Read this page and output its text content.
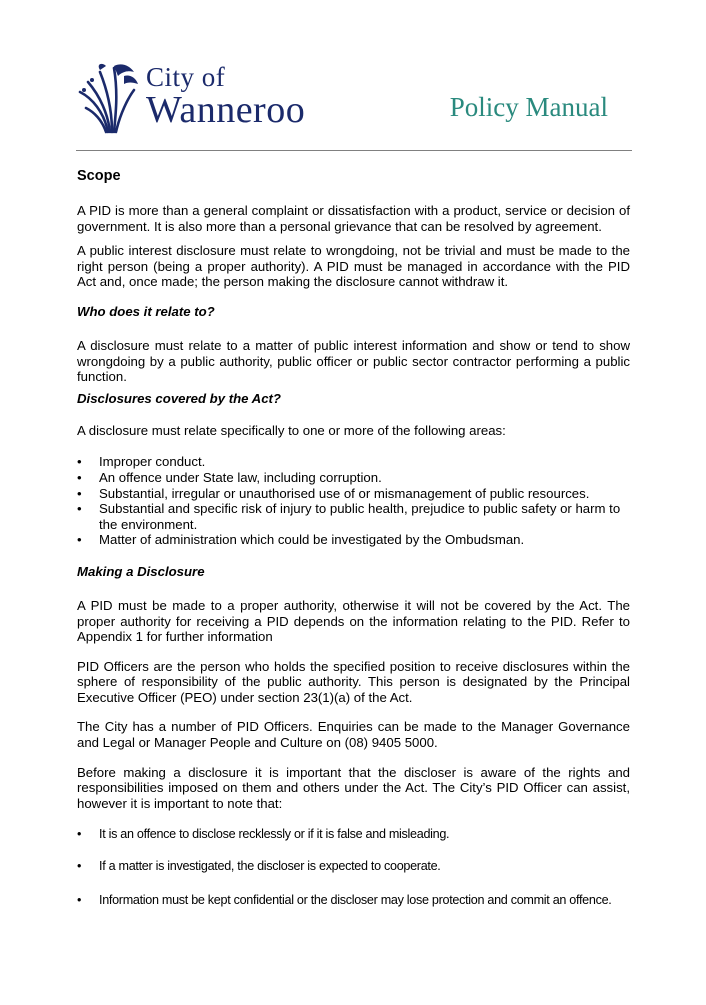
City of
Wanneroo	Policy Manual
Scope

A PID is more than a general complaint or dissatisfaction with a product, service or decision of government. It is also more than a personal grievance that can be resolved by agreement.

A public interest disclosure must relate to wrongdoing, not be trivial and must be made to the right person (being a proper authority). A PID must be managed in accordance with the PID Act and, once made; the person making the disclosure cannot withdraw it.

Who does it relate to?

A disclosure must relate to a matter of public interest information and show or tend to show wrongdoing by a public authority, public officer or public sector contractor performing a public function.

Disclosures covered by the Act?

A disclosure must relate specifically to one or more of the following areas:

• Improper conduct.
• An offence under State law, including corruption.
• Substantial, irregular or unauthorised use of or mismanagement of public resources.
• Substantial and specific risk of injury to public health, prejudice to public safety or harm to the environment.
• Matter of administration which could be investigated by the Ombudsman.
Making a Disclosure

A PID must be made to a proper authority, otherwise it will not be covered by the Act. The proper authority for receiving a PID depends on the information relating to the PID. Refer to Appendix 1 for further information

PID Officers are the person who holds the specified position to receive disclosures within the sphere of responsibility of the public authority. This person is designated by the Principal Executive Officer (PEO) under section 23(1)(a) of the Act.

The City has a number of PID Officers. Enquiries can be made to the Manager Governance and Legal or Manager People and Culture on (08) 9405 5000.

Before making a disclosure it is important that the discloser is aware of the rights and responsibilities imposed on them and others under the Act. The City’s PID Officer can assist, however it is important to note that:

• It is an offence to disclose recklessly or if it is false and misleading.
• If a matter is investigated, the discloser is expected to cooperate.
• Information must be kept confidential or the discloser may lose protection and commit an offence.
